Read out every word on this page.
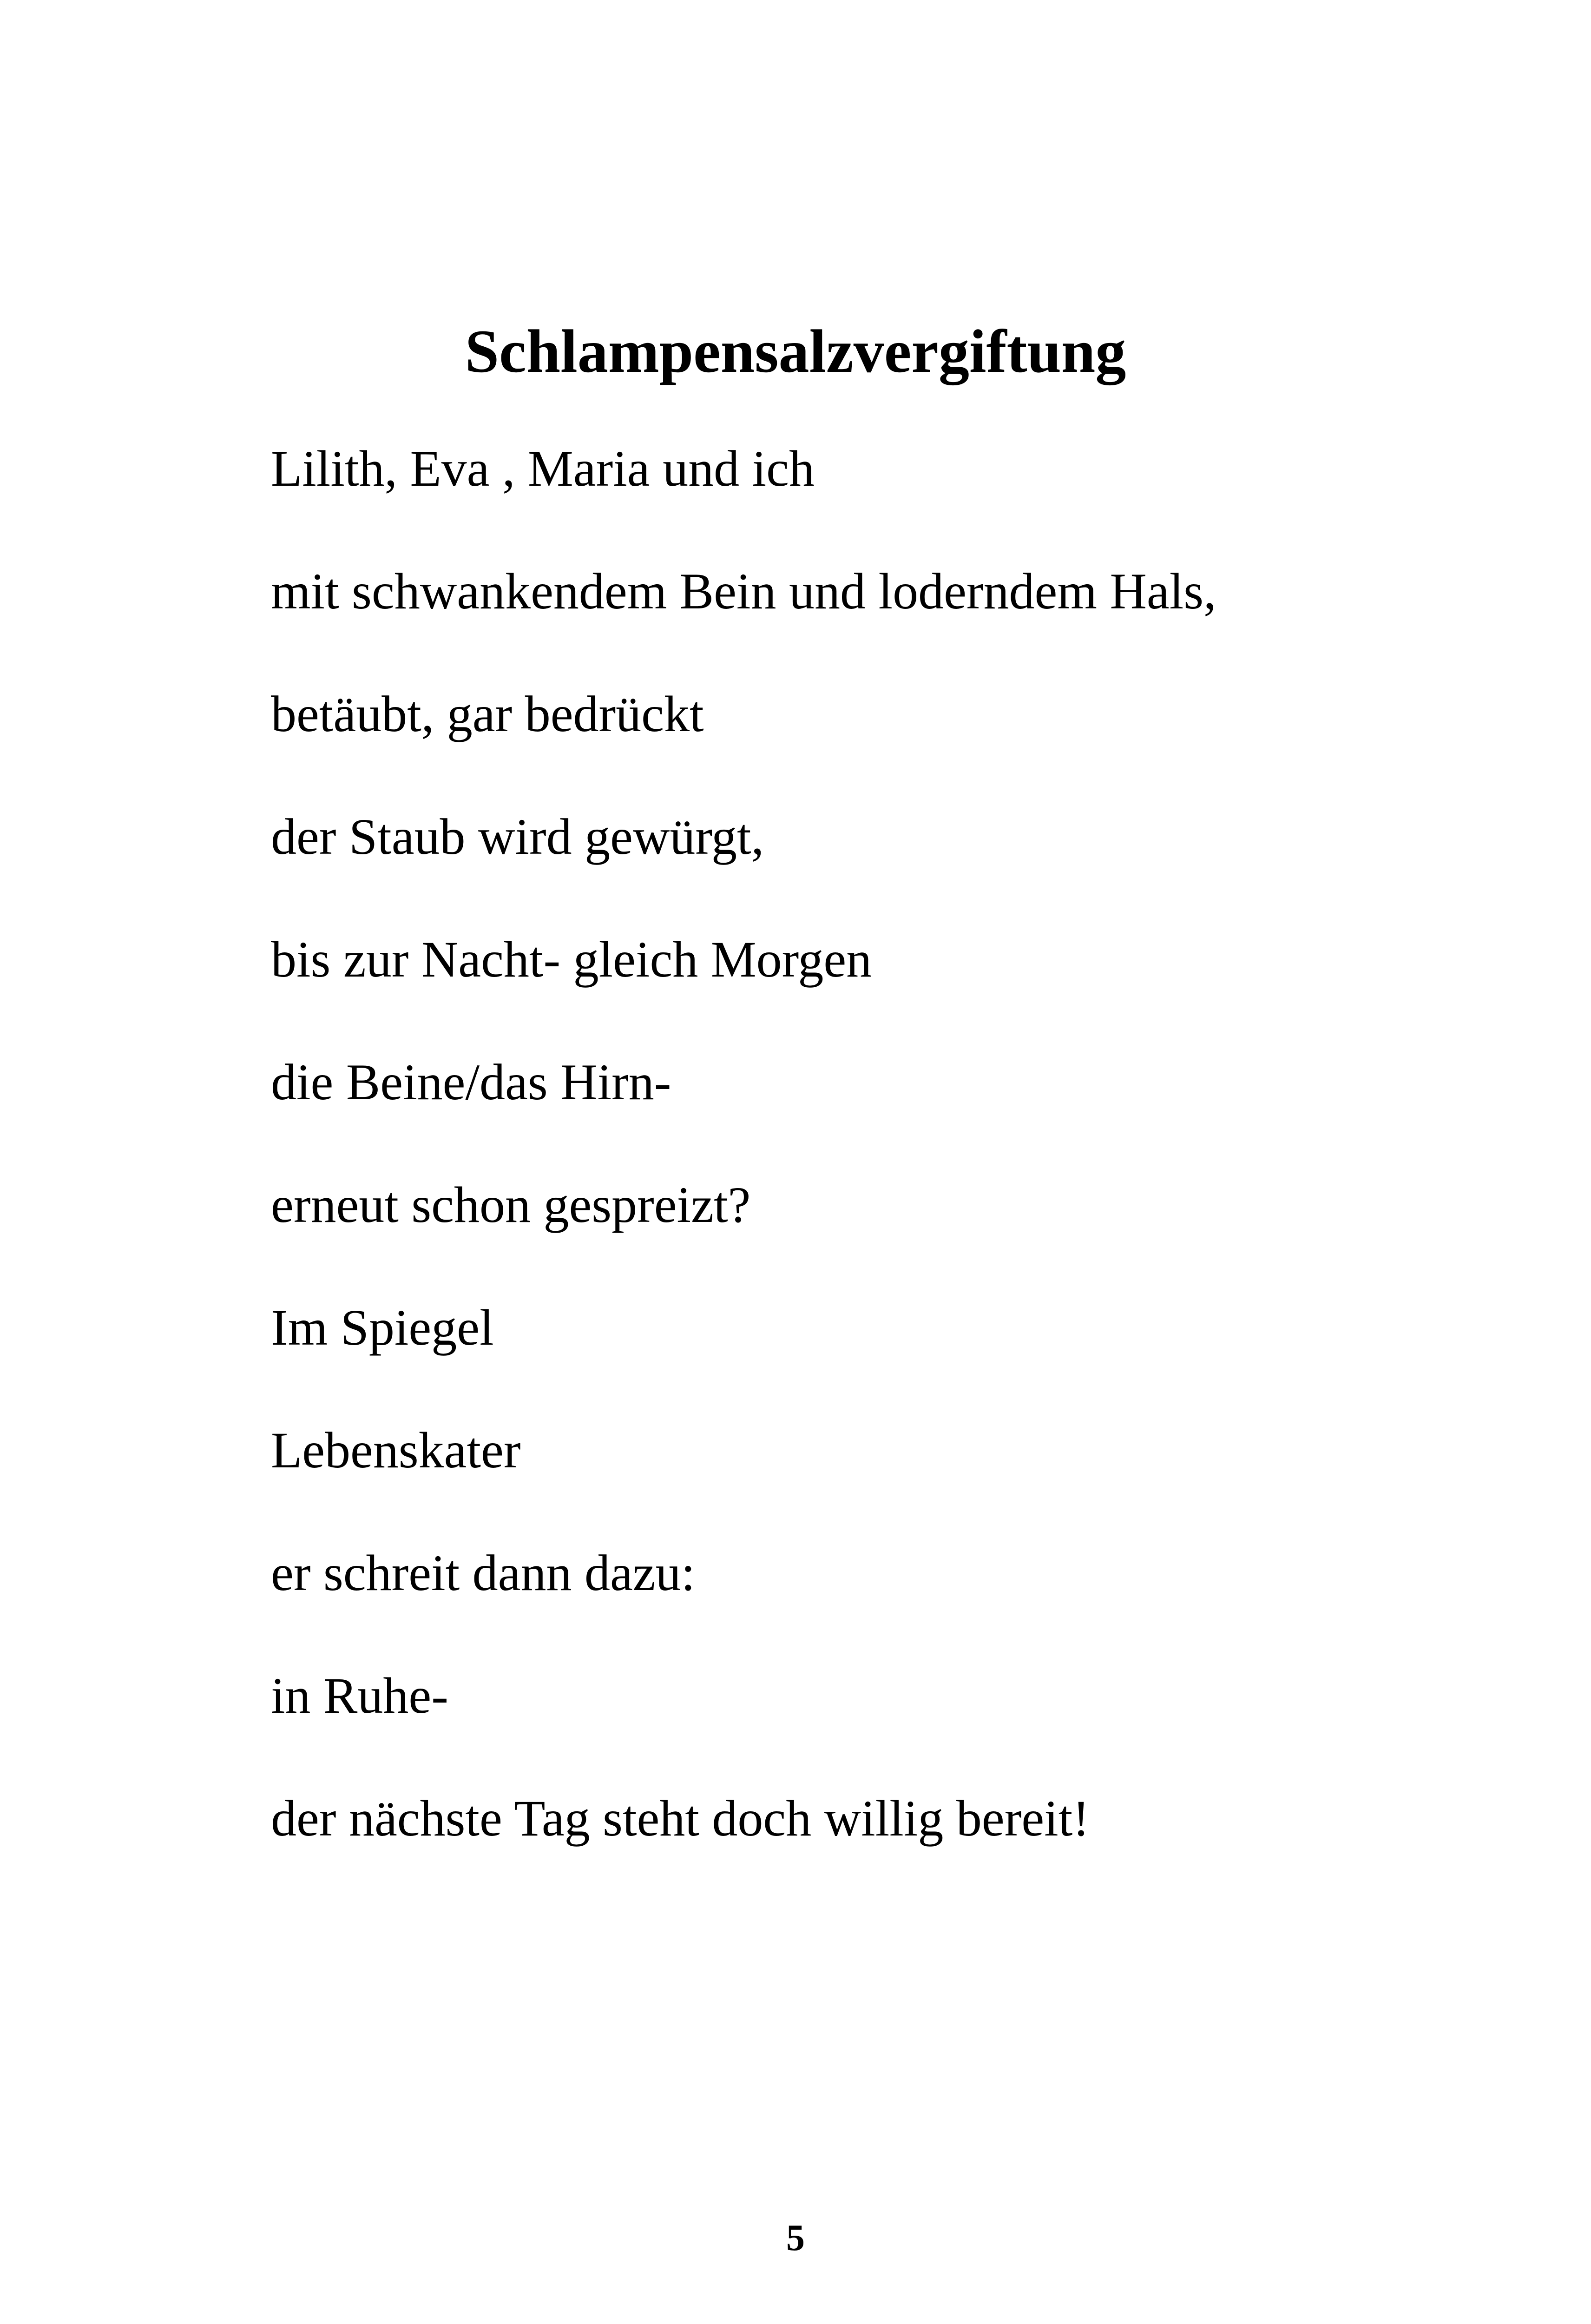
Schlampensalzvergiftung
Lilith, Eva , Maria und ich
mit schwankendem Bein und loderndem Hals,
betäubt, gar bedrückt
der Staub wird gewürgt,
bis zur Nacht- gleich Morgen
die Beine/das Hirn-
erneut schon gespreizt?
Im Spiegel
Lebenskater
er schreit dann dazu:
in Ruhe-
der nächste Tag steht doch willig bereit!
5
